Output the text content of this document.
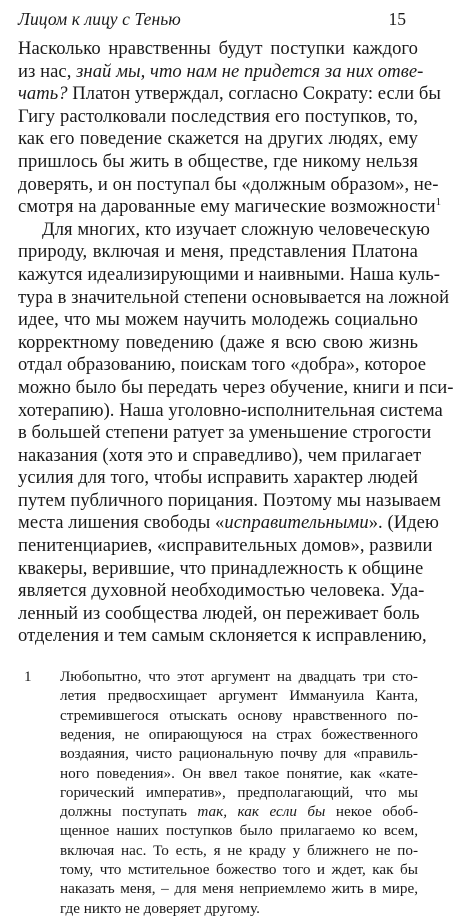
Лицом к лицу с Тенью	15
Насколько нравственны будут поступки каждого
из нас, знай мы, что нам не придется за них отве-
чать? Платон утверждал, согласно Сократу: если бы
Гигу растолковали последствия его поступков, то,
как его поведение скажется на других людях, ему
пришлось бы жить в обществе, где никому нельзя
доверять, и он поступал бы «должным образом», не-
смотря на дарованные ему магические возможности$^1$
Для многих, кто изучает сложную человеческую
природу, включая и меня, представления Платона
кажутся идеализирующими и наивными. Наша куль-
тура в значительной степени основывается на ложной
идее, что мы можем научить молодежь социально
корректному поведению (даже я всю свою жизнь
отдал образованию, поискам того «добра», которое
можно было бы передать через обучение, книги и пси-
хотерапию). Наша уголовно-исполнительная система
в большей степени ратует за уменьшение строгости
наказания (хотя это и справедливо), чем прилагает
усилия для того, чтобы исправить характер людей
путем публичного порицания. Поэтому мы называем
места лишения свободы «исправительными». (Идею
пенитенциариев, «исправительных домов», развили
квакеры, верившие, что принадлежность к общине
является духовной необходимостью человека. Уда-
ленный из сообщества людей, он переживает боль
отделения и тем самым склоняется к исправлению,
1 Любопытно, что этот аргумент на двадцать три сто-
летия предвосхищает аргумент Иммануила Канта,
стремившегося отыскать основу нравственного по-
ведения, не опирающуюся на страх божественного
воздаяния, чисто рациональную почву для «правиль-
ного поведения». Он ввел такое понятие, как «кате-
горический императив», предполагающий, что мы
должны поступать так, как если бы некое обоб-
щенное наших поступков было прилагаемо ко всем,
включая нас. То есть, я не краду у ближнего не по-
тому, что мстительное божество того и ждет, как бы
наказать меня, – для меня неприемлемо жить в мире,
где никто не доверяет другому.
